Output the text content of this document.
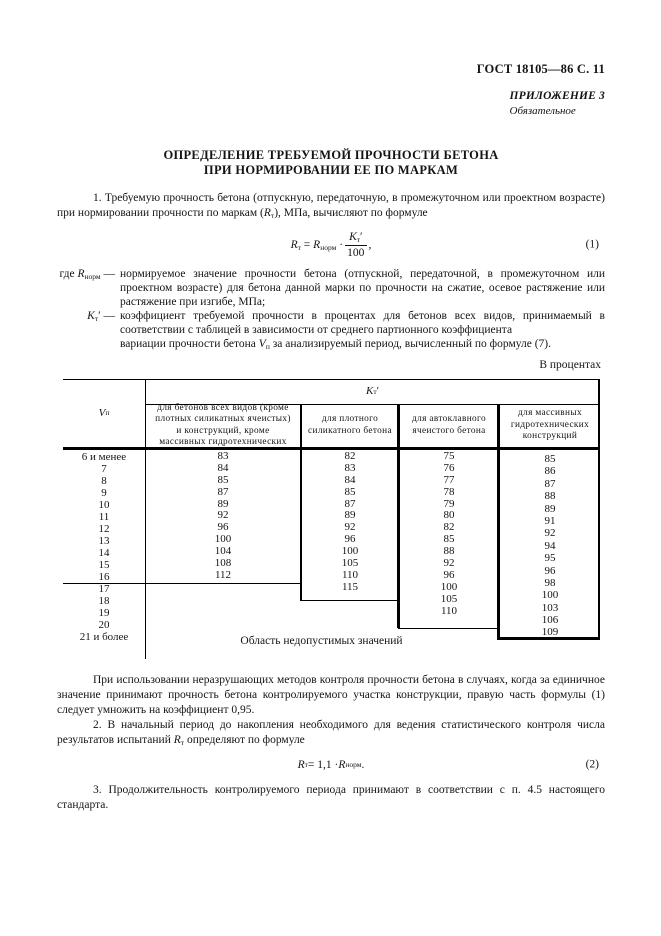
ГОСТ 18105—86 С. 11
ПРИЛОЖЕНИЕ 3
Обязательное
ОПРЕДЕЛЕНИЕ ТРЕБУЕМОЙ ПРОЧНОСТИ БЕТОНА
ПРИ НОРМИРОВАНИИ ЕЕ ПО МАРКАМ

1. Требуемую прочность бетона (отпускную, передаточную, в промежуточном или проектном возрасте) при нормировании прочности по маркам $(R_т)$, МПа, вычисляют по формуле

$R_т = R_{норм} \cdot \frac{K_т'}{100}$ ,	(1)
где $R_{норм}$ — нормируемое значение прочности бетона (отпускной, передаточной, в промежуточном или проектном возрасте) для бетона данной марки по прочности на сжатие, осевое растяжение или растяжение при изгибе, МПа;
$K_т'$ — коэффициент требуемой прочности в процентах для бетонов всех видов, принимаемый в соответствии с таблицей в зависимости от среднего партионного коэффициента
вариации прочности бетона $V_п$ за анализируемый период, вычисленный по формуле (7).
В процентах
V п
K т ′
для бетонов всех видов (кроме плотных силикатных ячеистых) и конструкций, кроме массивных гидротехнических
для плотного силикатного бетона
для автоклавного ячеистого бетона
для массивных гидротехнических конструкций
6 и менее
7
8
9
10
11
12
13
14
15
16
17
18
19
20
21 и более
83
84
85
87
89
92
96
100
104
108
112
82
83
84
85
87
89
92
96
100
105
110
115
75
76
77
78
79
80
82
85
88
92
96
100
105
110
85
86
87
88
89
91
92
94
95
96
98
100
103
106
109
Область недопустимых значений

При использовании неразрушающих методов контроля прочности бетона в случаях, когда за единичное значение принимают прочность бетона контролируемого участка конструкции, правую часть формулы (1) следует умножить на коэффициент 0,95.

2. В начальный период до накопления необходимого для ведения статистического контроля числа результатов испытаний $R_т$ определяют по формуле

R т = 1,1 · R норм .	(2)

3. Продолжительность контролируемого периода принимают в соответствии с п. 4.5 настоящего стандарта.
